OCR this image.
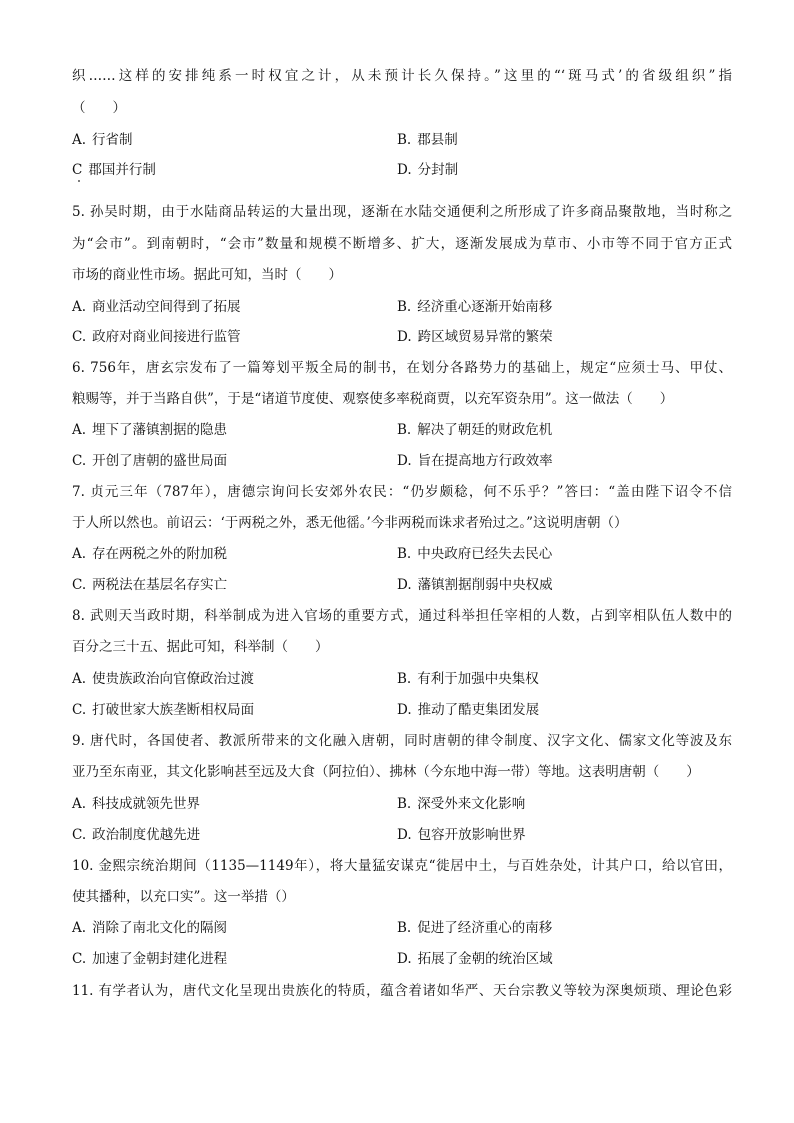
织……这样的安排纯系一时权宜之计，从未预计长久保持。”这里的“‘斑马式’的省级组织”指
（　　）
A. 行省制	B. 郡县制
C 郡国并行制	D. 分封制
5. 孙吴时期，由于水陆商品转运的大量出现，逐渐在水陆交通便利之所形成了许多商品聚散地，当时称之
为“会市”。到南朝时，“会市”数量和规模不断增多、扩大，逐渐发展成为草市、小市等不同于官方正式
市场的商业性市场。据此可知，当时（　　）
A. 商业活动空间得到了拓展	B. 经济重心逐渐开始南移
C. 政府对商业间接进行监管	D. 跨区域贸易异常的繁荣
6. 756年，唐玄宗发布了一篇筹划平叛全局的制书，在划分各路势力的基础上，规定“应须士马、甲仗、
粮赐等，并于当路自供”，于是“诸道节度使、观察使多率税商贾，以充军资杂用”。这一做法（　　）
A. 埋下了藩镇割据的隐患	B. 解决了朝廷的财政危机
C. 开创了唐朝的盛世局面	D. 旨在提高地方行政效率
7. 贞元三年（787年），唐德宗询问长安郊外农民：“仍岁颇稔，何不乐乎？”答曰：“盖由陛下诏令不信
于人所以然也。前诏云：‘于两税之外，悉无他徭。’今非两税而诛求者殆过之。”这说明唐朝（）
A. 存在两税之外的附加税	B. 中央政府已经失去民心
C. 两税法在基层名存实亡	D. 藩镇割据削弱中央权威
8. 武则天当政时期，科举制成为进入官场的重要方式，通过科举担任宰相的人数，占到宰相队伍人数中的
百分之三十五、据此可知，科举制（　　）
A. 使贵族政治向官僚政治过渡	B. 有利于加强中央集权
C. 打破世家大族垄断相权局面	D. 推动了酷吏集团发展
9. 唐代时，各国使者、教派所带来的文化融入唐朝，同时唐朝的律令制度、汉字文化、儒家文化等波及东
亚乃至东南亚，其文化影响甚至远及大食（阿拉伯）、拂林（今东地中海一带）等地。这表明唐朝（　　）
A. 科技成就领先世界	B. 深受外来文化影响
C. 政治制度优越先进	D. 包容开放影响世界
10. 金熙宗统治期间（1135—1149年），将大量猛安谋克“徙居中土，与百姓杂处，计其户口，给以官田，
使其播种，以充口实”。这一举措（）
A. 消除了南北文化的隔阂	B. 促进了经济重心的南移
C. 加速了金朝封建化进程	D. 拓展了金朝的统治区域
11. 有学者认为，唐代文化呈现出贵族化的特质，蕴含着诸如华严、天台宗教义等较为深奥烦琐、理论色彩
